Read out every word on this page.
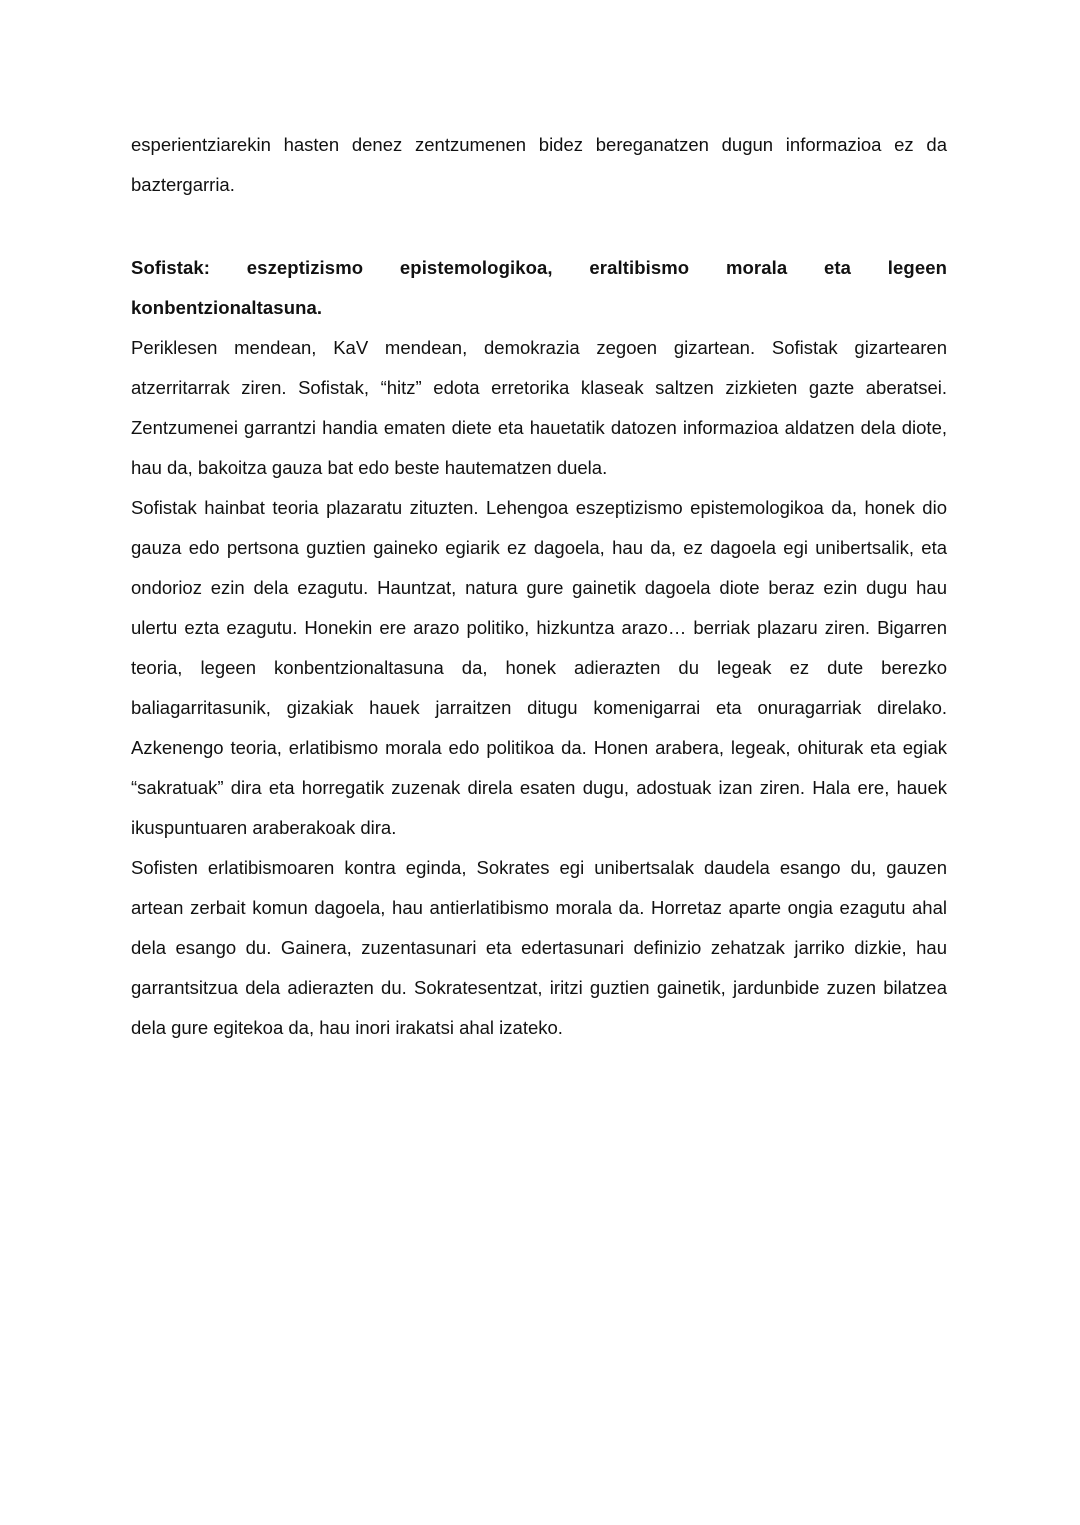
esperientziarekin hasten denez zentzumenen bidez bereganatzen dugun informazioa ez da baztergarria.

Sofistak: eszeptizismo epistemologikoa, eraltibismo morala eta legeen konbentzionaltasuna.

Periklesen mendean, KaV mendean, demokrazia zegoen gizartean. Sofistak gizartearen atzerritarrak ziren. Sofistak, “hitz” edota erretorika klaseak saltzen zizkieten gazte aberatsei. Zentzumenei garrantzi handia ematen diete eta hauetatik datozen informazioa aldatzen dela diote, hau da, bakoitza gauza bat edo beste hautematzen duela.

Sofistak hainbat teoria plazaratu zituzten. Lehengoa eszeptizismo epistemologikoa da, honek dio gauza edo pertsona guztien gaineko egiarik ez dagoela, hau da, ez dagoela egi unibertsalik, eta ondorioz ezin dela ezagutu. Hauntzat, natura gure gainetik dagoela diote beraz ezin dugu hau ulertu ezta ezagutu. Honekin ere arazo politiko, hizkuntza arazo… berriak plazaru ziren. Bigarren teoria, legeen konbentzionaltasuna da, honek adierazten du legeak ez dute berezko baliagarritasunik, gizakiak hauek jarraitzen ditugu komenigarrai eta onuragarriak direlako. Azkenengo teoria, erlatibismo morala edo politikoa da. Honen arabera, legeak, ohiturak eta egiak “sakratuak” dira eta horregatik zuzenak direla esaten dugu, adostuak izan ziren. Hala ere, hauek ikuspuntuaren araberakoak dira.

Sofisten erlatibismoaren kontra eginda, Sokrates egi unibertsalak daudela esango du, gauzen artean zerbait komun dagoela, hau antierlatibismo morala da. Horretaz aparte ongia ezagutu ahal dela esango du. Gainera, zuzentasunari eta edertasunari definizio zehatzak jarriko dizkie, hau garrantsitzua dela adierazten du. Sokratesentzat, iritzi guztien gainetik, jardunbide zuzen bilatzea dela gure egitekoa da, hau inori irakatsi ahal izateko.
